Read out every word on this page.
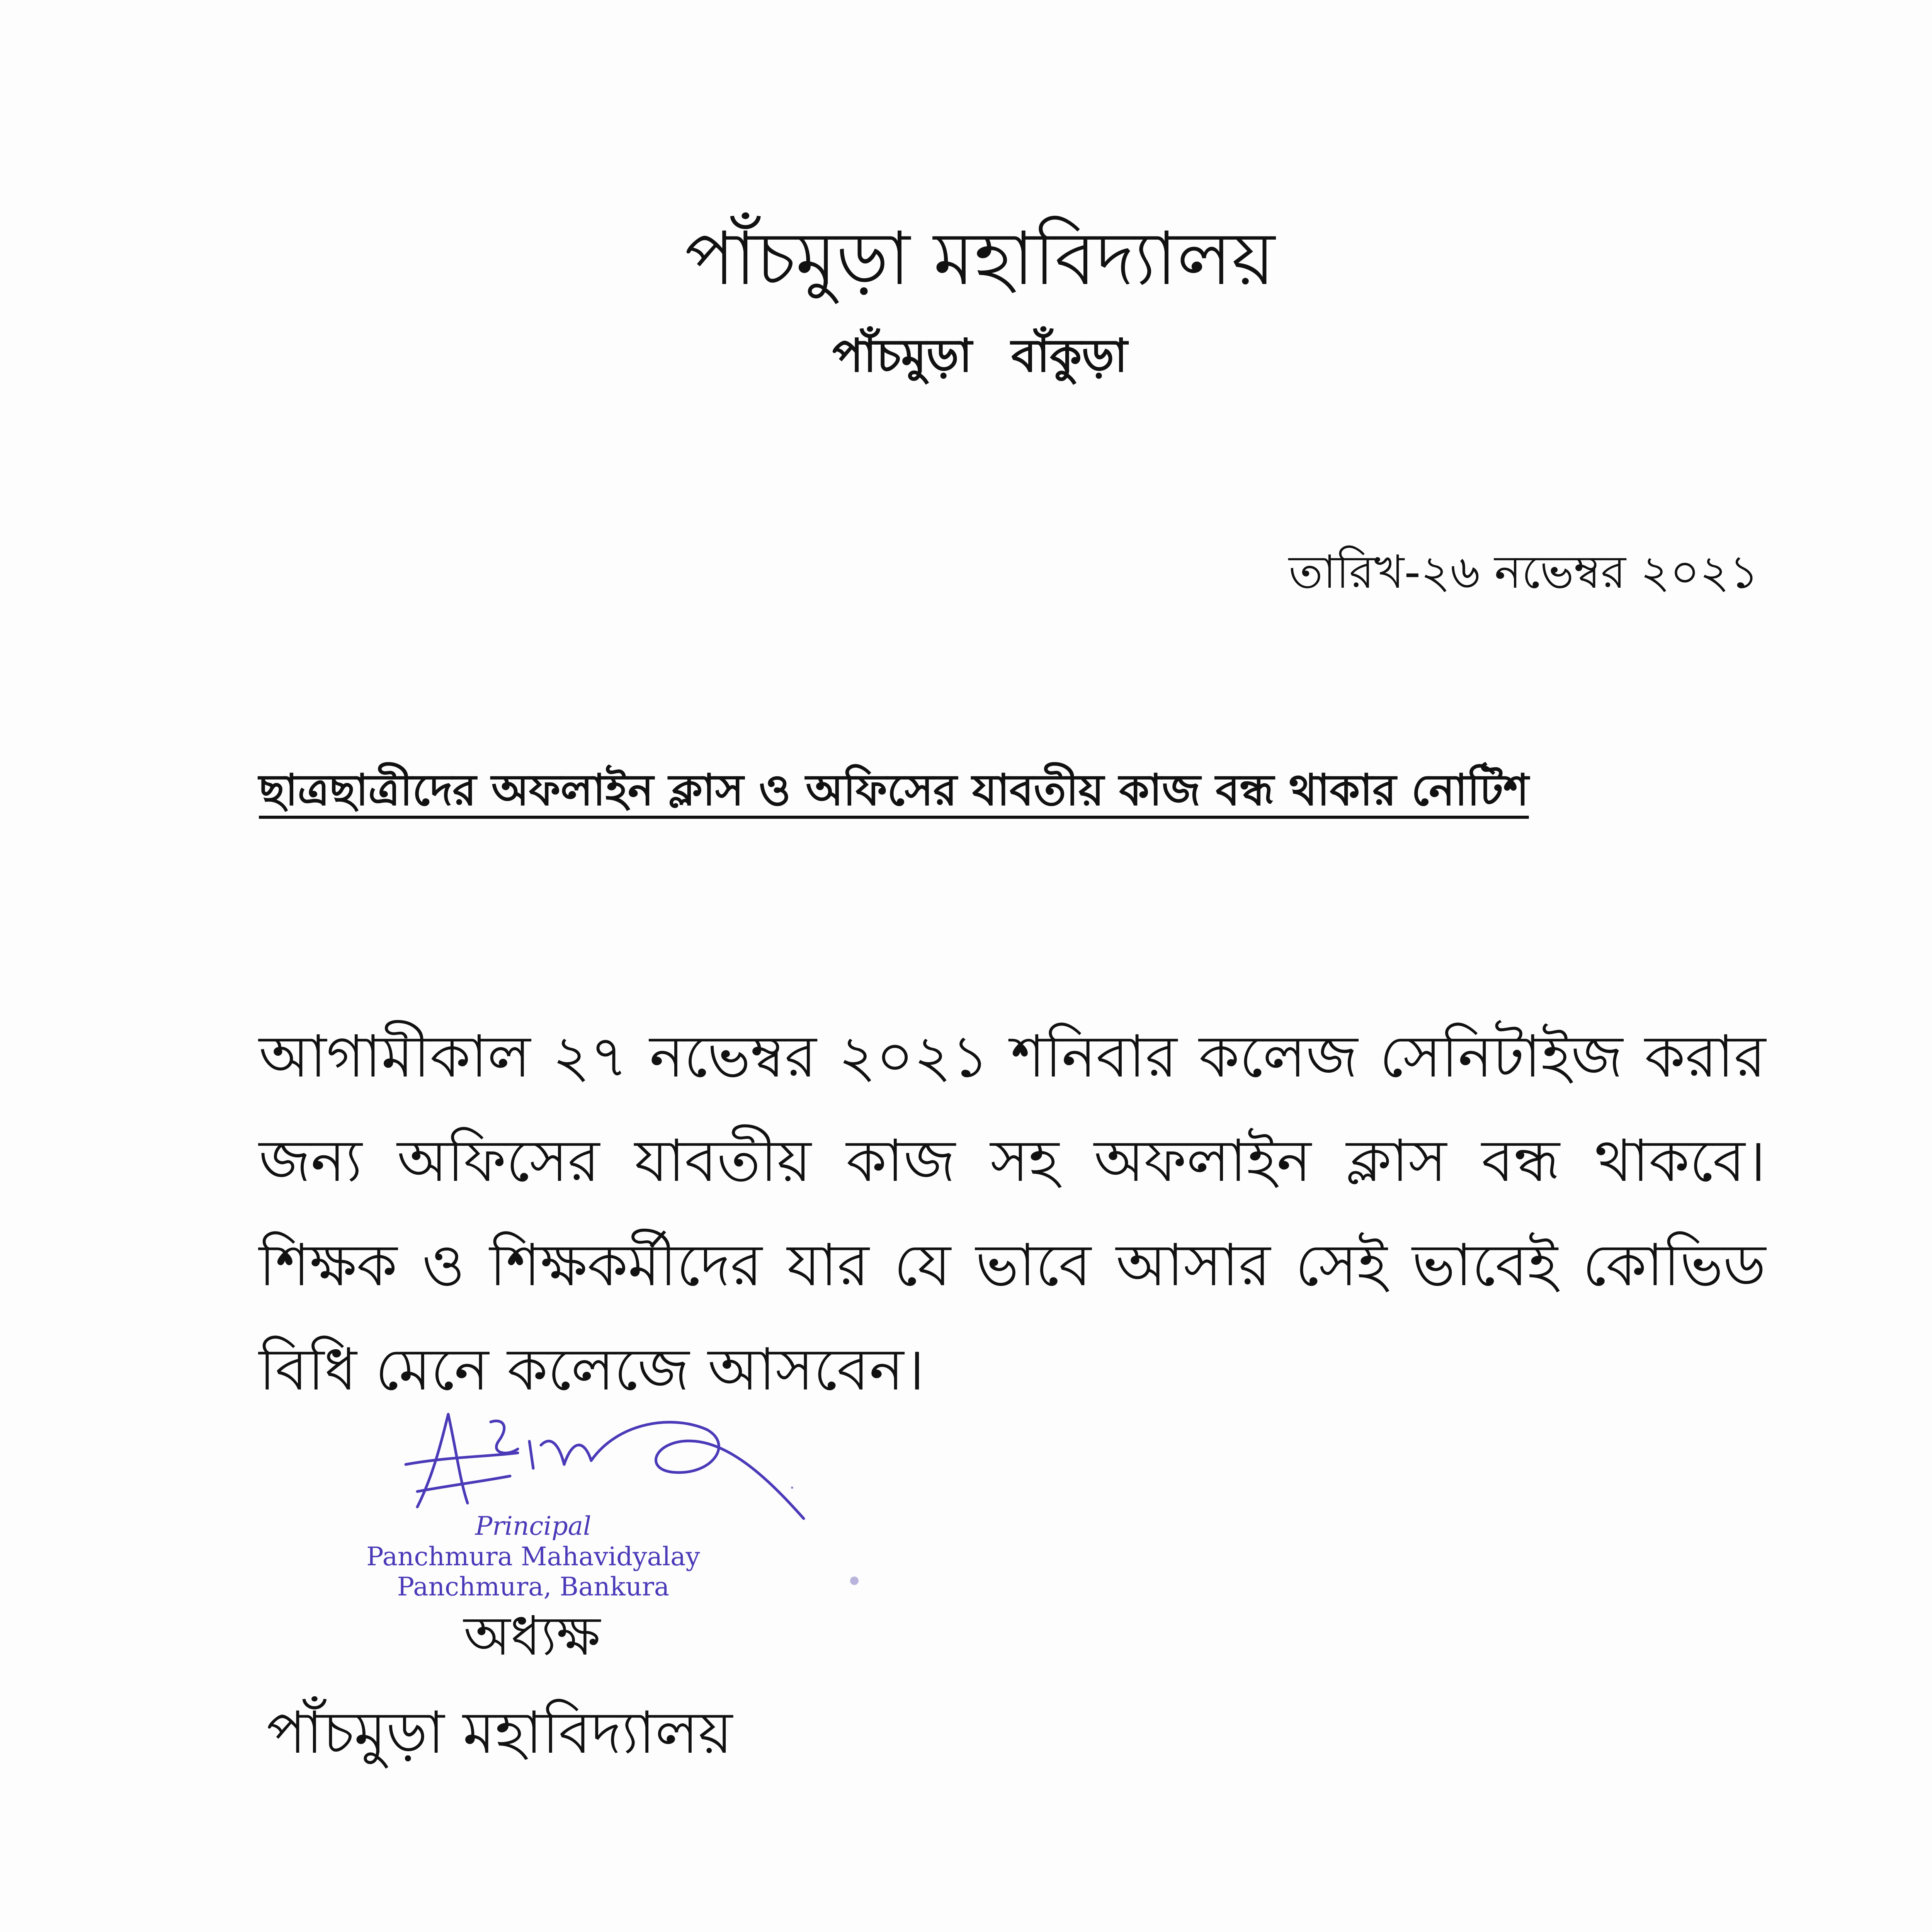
পাঁচমুড়া মহাবিদ্যালয়
পাঁচমুড়া বাঁকুড়া
তারিখ-২৬ নভেম্বর ২০২১
ছাত্রছাত্রীদের অফলাইন ক্লাস ও অফিসের যাবতীয় কাজ বন্ধ থাকার নোটিশ
আগামীকাল ২৭ নভেম্বর ২০২১ শনিবার কলেজ সেনিটাইজ করার জন্য অফিসের যাবতীয় কাজ সহ অফলাইন ক্লাস বন্ধ থাকবে। শিক্ষক ও শিক্ষকর্মীদের যার যে ভাবে আসার সেই ভাবেই কোভিড বিধি মেনে কলেজে আসবেন।
Principal
Panchmura Mahavidyalay
Panchmura, Bankura
অধ্যক্ষ
পাঁচমুড়া মহাবিদ্যালয়
